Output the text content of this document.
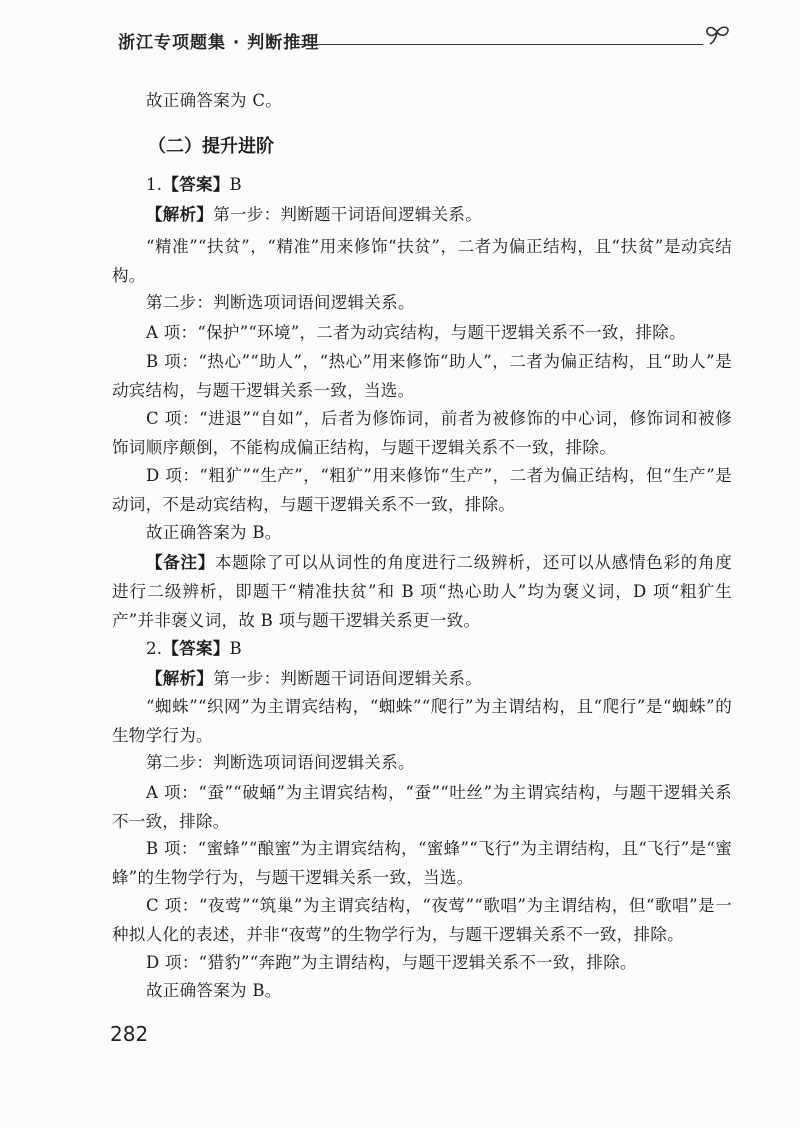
浙江专项题集 · 判断推理

故正确答案为 C。

（二）提升进阶

1.【答案】B

【解析】第一步：判断题干词语间逻辑关系。

“精准”“扶贫”，“精准”用来修饰“扶贫”，二者为偏正结构，且“扶贫”是动宾结构。

第二步：判断选项词语间逻辑关系。

A 项：“保护”“环境”，二者为动宾结构，与题干逻辑关系不一致，排除。

B 项：“热心”“助人”，“热心”用来修饰“助人”，二者为偏正结构，且“助人”是动宾结构，与题干逻辑关系一致，当选。

C 项：“进退”“自如”，后者为修饰词，前者为被修饰的中心词，修饰词和被修饰词顺序颠倒，不能构成偏正结构，与题干逻辑关系不一致，排除。

D 项：“粗犷”“生产”，“粗犷”用来修饰“生产”，二者为偏正结构，但“生产”是动词，不是动宾结构，与题干逻辑关系不一致，排除。

故正确答案为 B。

【备注】本题除了可以从词性的角度进行二级辨析，还可以从感情色彩的角度进行二级辨析，即题干“精准扶贫”和 B 项“热心助人”均为褒义词，D 项“粗犷生产”并非褒义词，故 B 项与题干逻辑关系更一致。

2.【答案】B

【解析】第一步：判断题干词语间逻辑关系。

“蜘蛛”“织网”为主谓宾结构，“蜘蛛”“爬行”为主谓结构，且“爬行”是“蜘蛛”的生物学行为。

第二步：判断选项词语间逻辑关系。

A 项：“蚕”“破蛹”为主谓宾结构，“蚕”“吐丝”为主谓宾结构，与题干逻辑关系不一致，排除。

B 项：“蜜蜂”“酿蜜”为主谓宾结构，“蜜蜂”“飞行”为主谓结构，且“飞行”是“蜜蜂”的生物学行为，与题干逻辑关系一致，当选。

C 项：“夜莺”“筑巢”为主谓宾结构，“夜莺”“歌唱”为主谓结构，但“歌唱”是一种拟人化的表述，并非“夜莺”的生物学行为，与题干逻辑关系不一致，排除。

D 项：“猎豹”“奔跑”为主谓结构，与题干逻辑关系不一致，排除。

故正确答案为 B。

282
